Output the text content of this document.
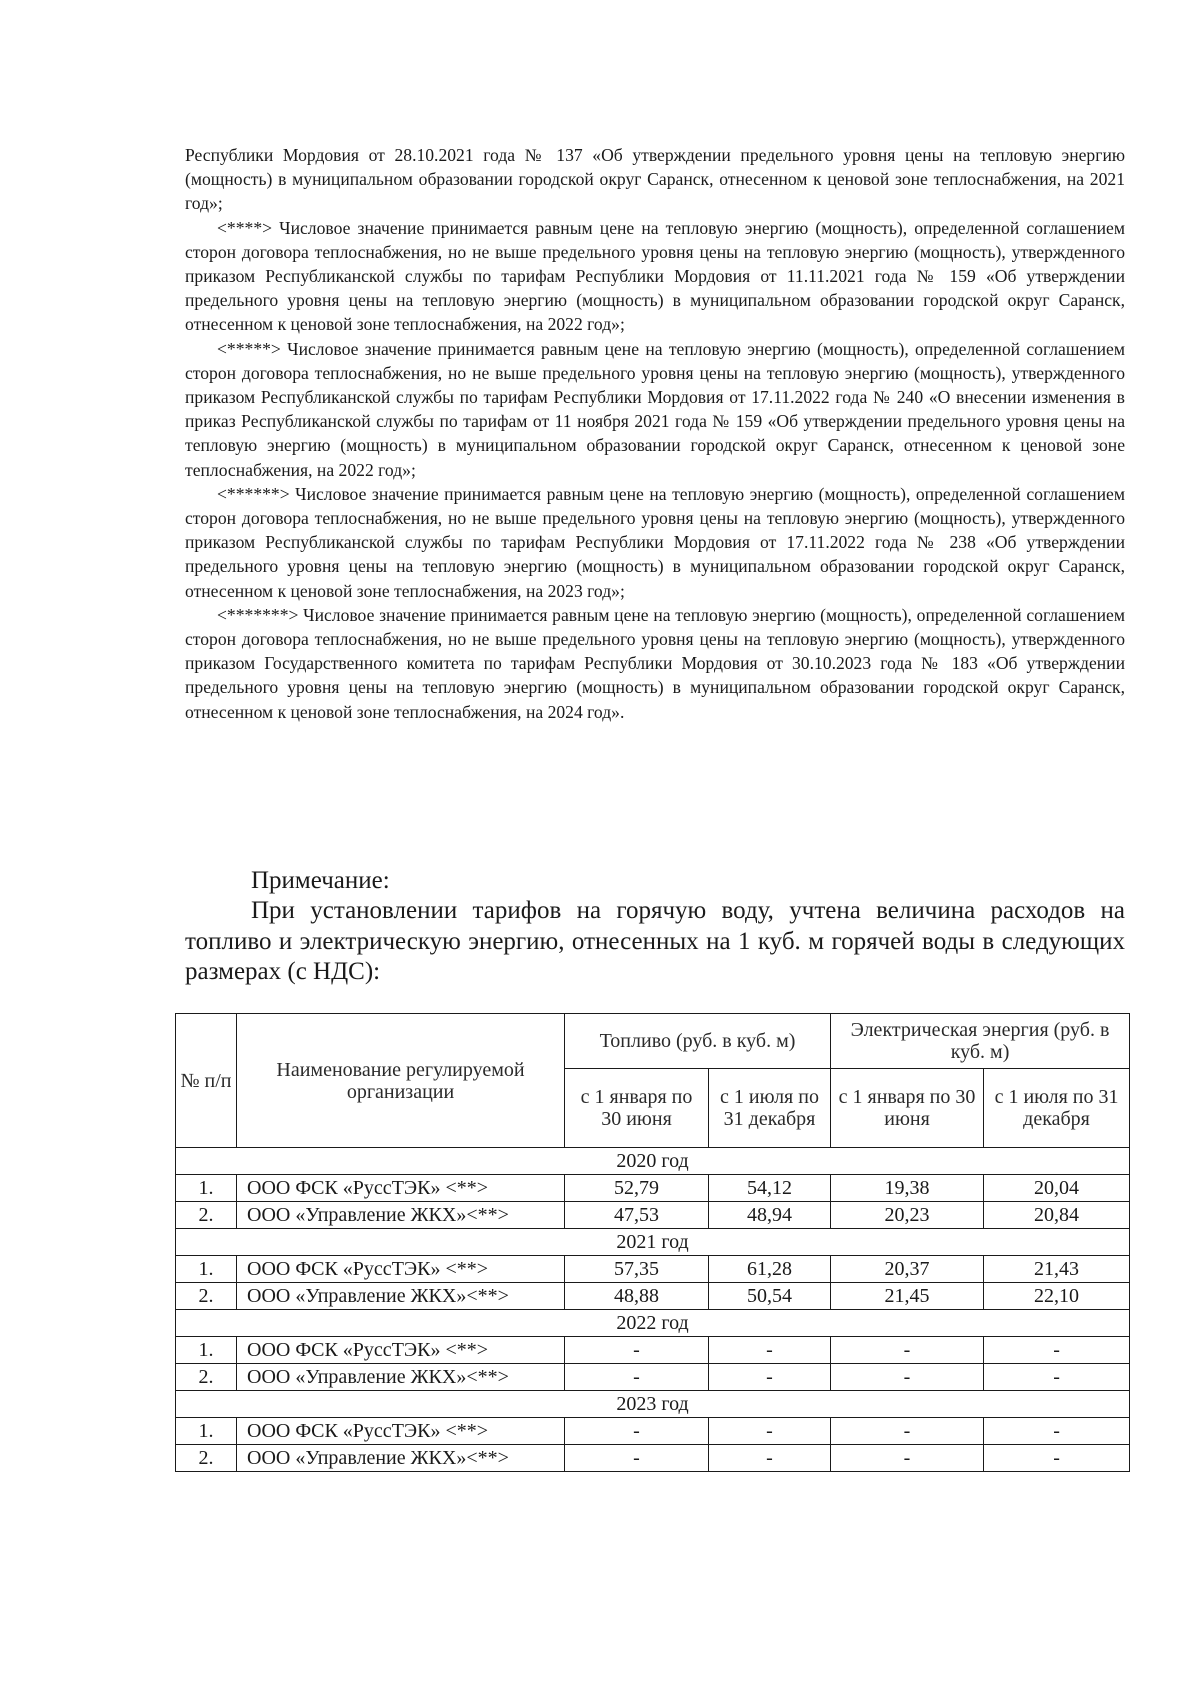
Республики Мордовия от 28.10.2021 года № 137 «Об утверждении предельного уровня цены на тепловую энергию (мощность) в муниципальном образовании городской округ Саранск, отнесенном к ценовой зоне теплоснабжения, на 2021 год»;

<****> Числовое значение принимается равным цене на тепловую энергию (мощность), определенной соглашением сторон договора теплоснабжения, но не выше предельного уровня цены на тепловую энергию (мощность), утвержденного приказом Республиканской службы по тарифам Республики Мордовия от 11.11.2021 года № 159 «Об утверждении предельного уровня цены на тепловую энергию (мощность) в муниципальном образовании городской округ Саранск, отнесенном к ценовой зоне теплоснабжения, на 2022 год»;

<*****> Числовое значение принимается равным цене на тепловую энергию (мощность), определенной соглашением сторон договора теплоснабжения, но не выше предельного уровня цены на тепловую энергию (мощность), утвержденного приказом Республиканской службы по тарифам Республики Мордовия от 17.11.2022 года № 240 «О внесении изменения в приказ Республиканской службы по тарифам от 11 ноября 2021 года № 159 «Об утверждении предельного уровня цены на тепловую энергию (мощность) в муниципальном образовании городской округ Саранск, отнесенном к ценовой зоне теплоснабжения, на 2022 год»;

<******> Числовое значение принимается равным цене на тепловую энергию (мощность), определенной соглашением сторон договора теплоснабжения, но не выше предельного уровня цены на тепловую энергию (мощность), утвержденного приказом Республиканской службы по тарифам Республики Мордовия от 17.11.2022 года № 238 «Об утверждении предельного уровня цены на тепловую энергию (мощность) в муниципальном образовании городской округ Саранск, отнесенном к ценовой зоне теплоснабжения, на 2023 год»;

<*******> Числовое значение принимается равным цене на тепловую энергию (мощность), определенной соглашением сторон договора теплоснабжения, но не выше предельного уровня цены на тепловую энергию (мощность), утвержденного приказом Государственного комитета по тарифам Республики Мордовия от 30.10.2023 года № 183 «Об утверждении предельного уровня цены на тепловую энергию (мощность) в муниципальном образовании городской округ Саранск, отнесенном к ценовой зоне теплоснабжения, на 2024 год».

Примечание:

При установлении тарифов на горячую воду, учтена величина расходов на топливо и электрическую энергию, отнесенных на 1 куб. м горячей воды в следующих размерах (с НДС):

№ п/п	Наименование регулируемой организации	Топливо (руб. в куб. м)		Электрическая энергия (руб. в куб. м)	
		с 1 января по 30 июня	с 1 июля по 31 декабря	с 1 января по 30 июня	с 1 июля по 31 декабря
2020 год					
1.	ООО ФСК «РуссТЭК» <**>	52,79	54,12	19,38	20,04
2.	ООО «Управление ЖКХ»<**>	47,53	48,94	20,23	20,84
2021 год					
1.	ООО ФСК «РуссТЭК» <**>	57,35	61,28	20,37	21,43
2.	ООО «Управление ЖКХ»<**>	48,88	50,54	21,45	22,10
2022 год					
1.	ООО ФСК «РуссТЭК» <**>	-	-	-	-
2.	ООО «Управление ЖКХ»<**>	-	-	-	-
2023 год					
1.	ООО ФСК «РуссТЭК» <**>	-	-	-	-
2.	ООО «Управление ЖКХ»<**>	-	-	-	-
